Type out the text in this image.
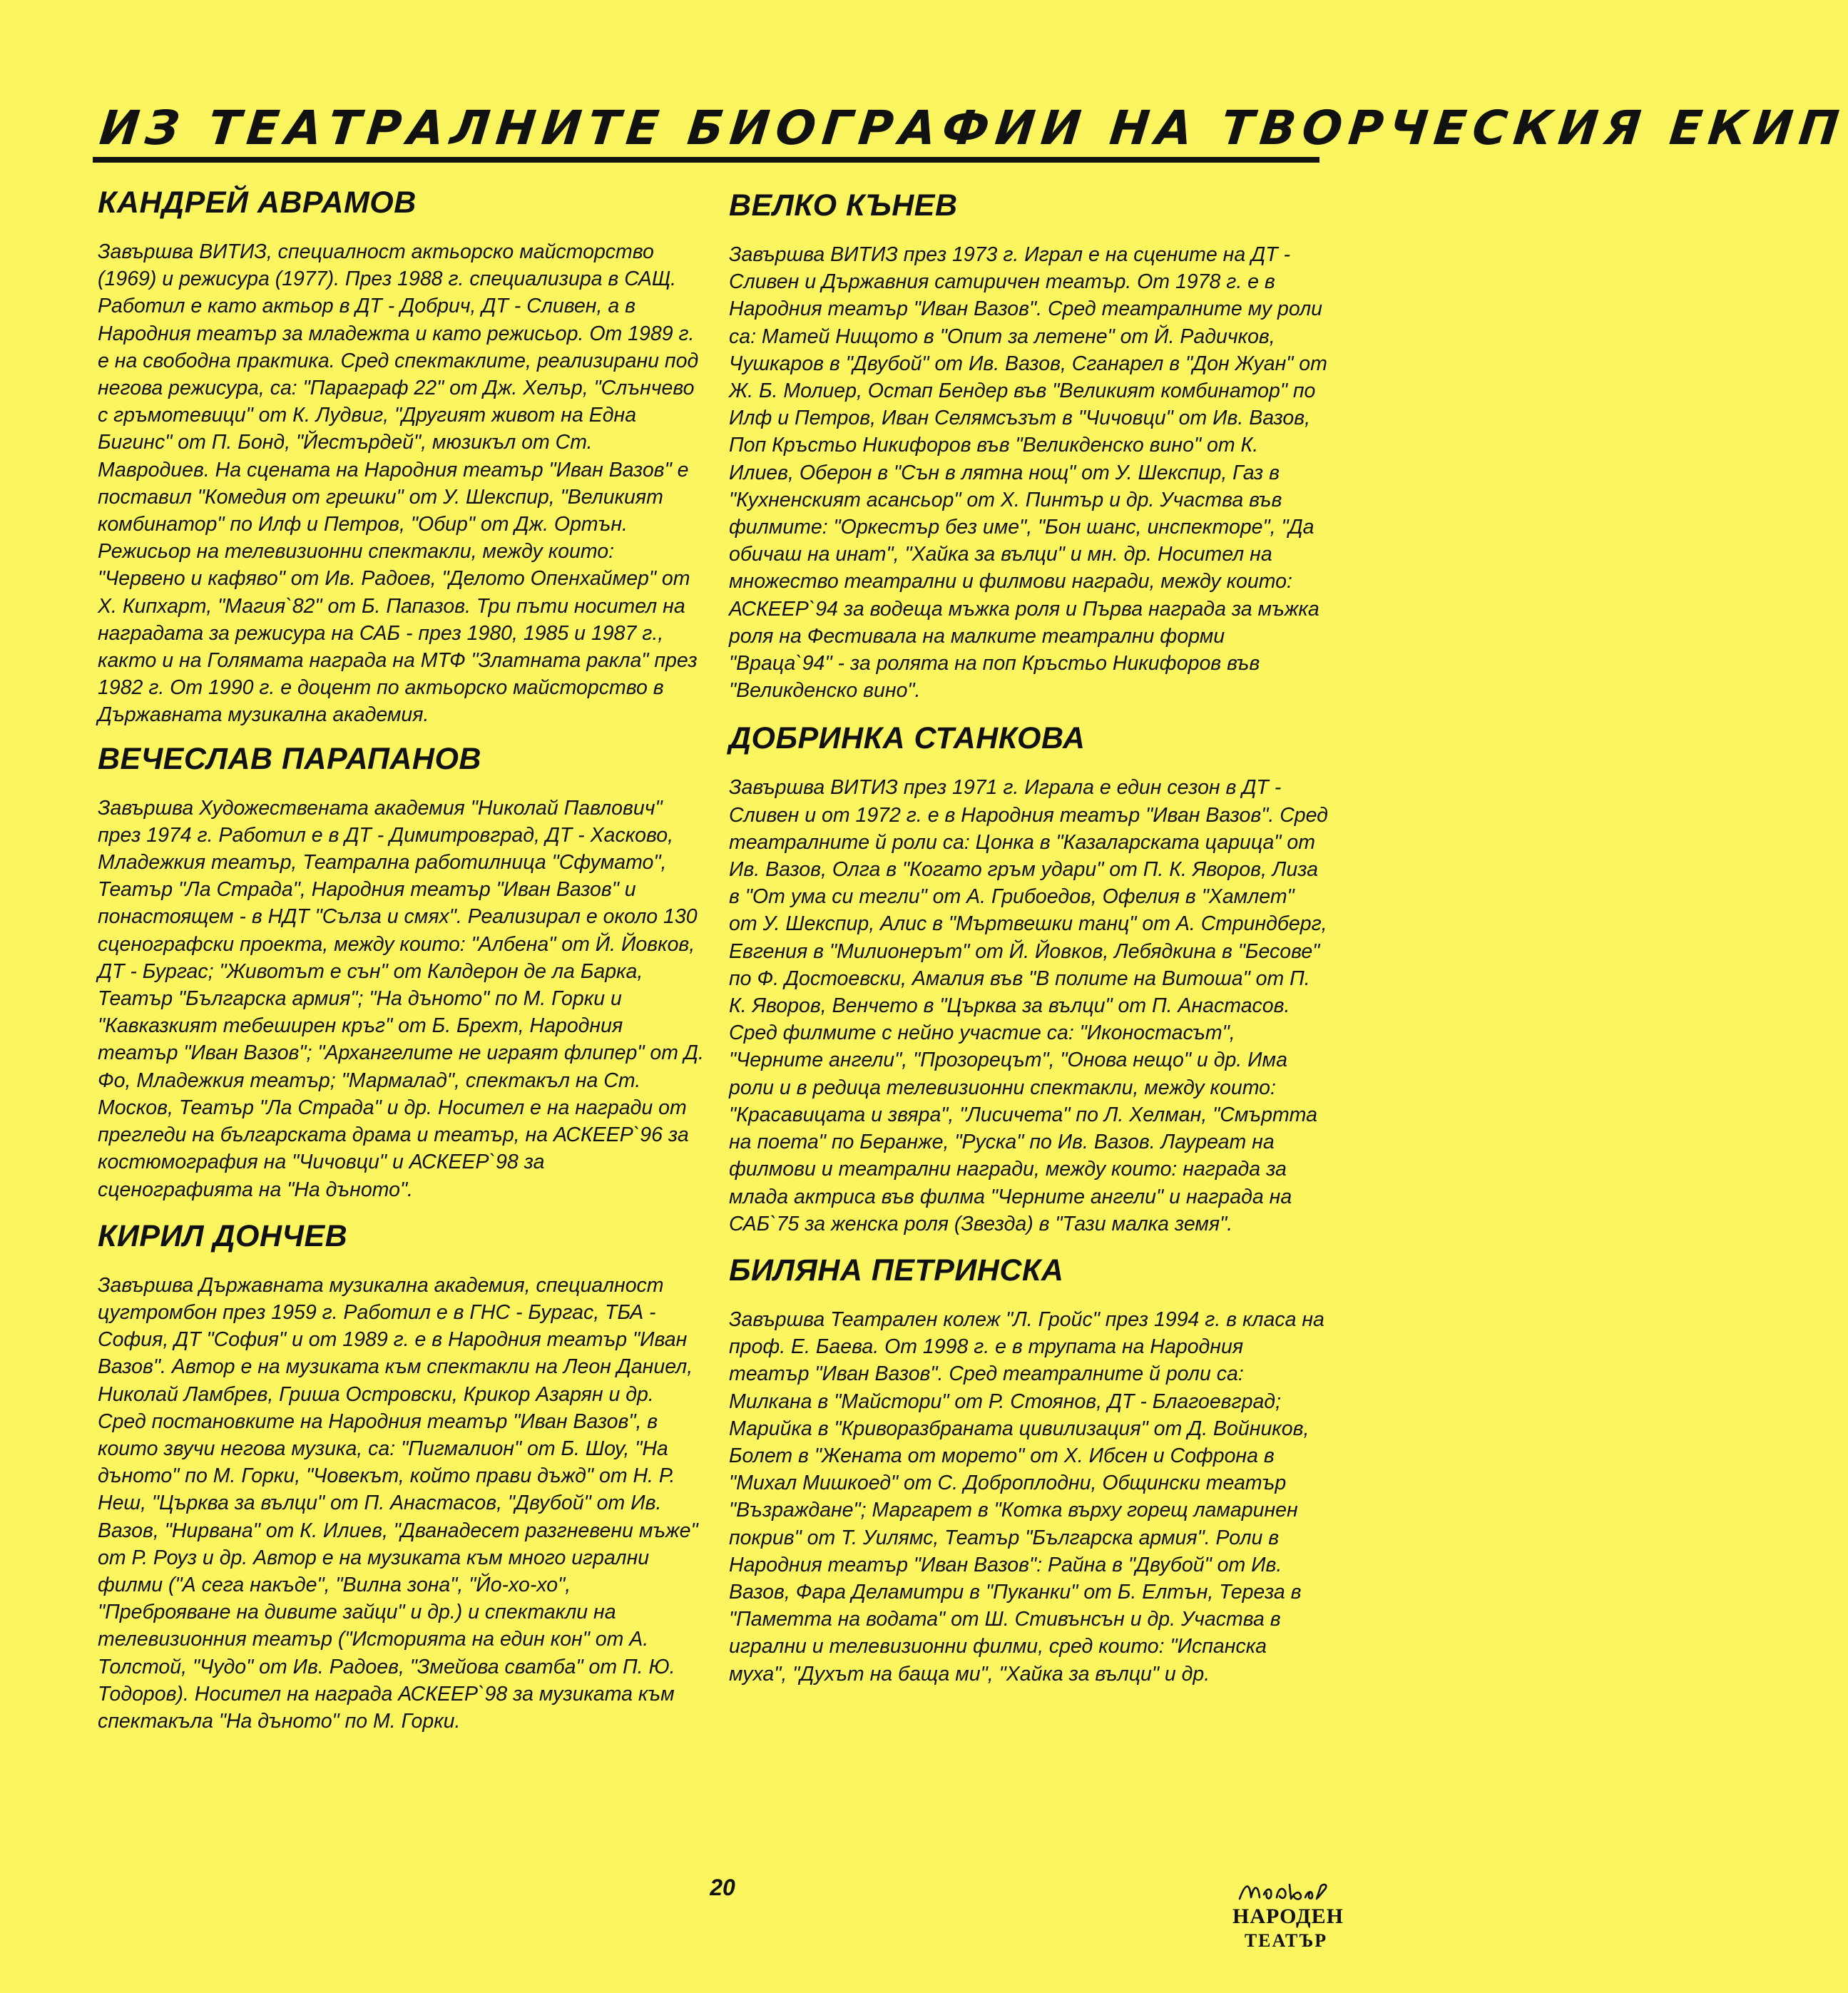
ИЗ ТЕАТРАЛНИТЕ БИОГРАФИИ НА ТВОРЧЕСКИЯ ЕКИП
КАНДРЕЙ АВРАМОВ

Завършва ВИТИЗ, специалност актьорско майсторство (1969) и режисура (1977). През 1988 г. специализира в САЩ. Работил е като актьор в ДТ - Добрич, ДТ - Сливен, а в Народния театър за младежта и като режисьор. От 1989 г. е на свободна практика. Сред спектаклите, реализирани под негова режисура, са: "Параграф 22" от Дж. Хелър, "Слънчево с гръмотевици" от К. Лудвиг, "Другият живот на Една Бигинс" от П. Бонд, "Йестърдей", мюзикъл от Ст. Мавродиев. На сцената на Народния театър "Иван Вазов" е поставил "Комедия от грешки" от У. Шекспир, "Великият комбинатор" по Илф и Петров, "Обир" от Дж. Ортън. Режисьор на телевизионни спектакли, между които: "Червено и кафяво" от Ив. Радоев, "Делото Опенхаймер" от Х. Кипхарт, "Магия`82" от Б. Папазов. Три пъти носител на наградата за режисура на САБ - през 1980, 1985 и 1987 г., както и на Голямата награда на МТФ "Златната ракла" през 1982 г. От 1990 г. е доцент по актьорско майсторство в Държавната музикална академия.

ВЕЧЕСЛАВ ПАРАПАНОВ

Завършва Художествената академия "Николай Павлович" през 1974 г. Работил е в ДТ - Димитровград, ДТ - Хасково, Младежкия театър, Театрална работилница "Сфумато", Театър "Ла Страда", Народния театър "Иван Вазов" и понастоящем - в НДТ "Сълза и смях". Реализирал е около 130 сценографски проекта, между които: "Албена" от Й. Йовков, ДТ - Бургас; "Животът е сън" от Калдерон де ла Барка, Театър "Българска армия"; "На дъното" по М. Горки и "Кавказкият тебеширен кръг" от Б. Брехт, Народния театър "Иван Вазов"; "Архангелите не играят флипер" от Д. Фо, Младежкия театър; "Мармалад", спектакъл на Ст. Москов, Театър "Ла Страда" и др. Носител е на награди от прегледи на българската драма и театър, на АСКЕЕР`96 за костюмография на "Чичовци" и АСКЕЕР`98 за сценографията на "На дъното".

КИРИЛ ДОНЧЕВ

Завършва Държавната музикална академия, специалност цугтромбон през 1959 г. Работил е в ГНС - Бургас, ТБА - София, ДТ "София" и от 1989 г. е в Народния театър "Иван Вазов". Автор е на музиката към спектакли на Леон Даниел, Николай Ламбрев, Гриша Островски, Крикор Азарян и др. Сред постановките на Народния театър "Иван Вазов", в които звучи негова музика, са: "Пигмалион" от Б. Шоу, "На дъното" по М. Горки, "Човекът, който прави дъжд" от Н. Р. Неш, "Църква за вълци" от П. Анастасов, "Двубой" от Ив. Вазов, "Нирвана" от К. Илиев, "Дванадесет разгневени мъже" от Р. Роуз и др. Автор е на музиката към много игрални филми ("А сега накъде", "Вилна зона", "Йо-хо-хо", "Преброяване на дивите зайци" и др.) и спектакли на телевизионния театър ("Историята на един кон" от А. Толстой, "Чудо" от Ив. Радоев, "Змейова сватба" от П. Ю. Тодоров). Носител на награда АСКЕЕР`98 за музиката към спектакъла "На дъното" по М. Горки.

ВЕЛКО КЪНЕВ

Завършва ВИТИЗ през 1973 г. Играл е на сцените на ДТ - Сливен и Държавния сатиричен театър. От 1978 г. е в Народния театър "Иван Вазов". Сред театралните му роли са: Матей Нищото в "Опит за летене" от Й. Радичков, Чушкаров в "Двубой" от Ив. Вазов, Сганарел в "Дон Жуан" от Ж. Б. Молиер, Остап Бендер във "Великият комбинатор" по Илф и Петров, Иван Селямсъзът в "Чичовци" от Ив. Вазов, Поп Кръстьо Никифоров във "Великденско вино" от К. Илиев, Оберон в "Сън в лятна нощ" от У. Шекспир, Газ в "Кухненският асансьор" от Х. Пинтър и др. Участва във филмите: "Оркестър без име", "Бон шанс, инспекторе", "Да обичаш на инат", "Хайка за вълци" и мн. др. Носител на множество театрални и филмови награди, между които: АСКЕЕР`94 за водеща мъжка роля и Първа награда за мъжка роля на Фестивала на малките театрални форми "Враца`94" - за ролята на поп Кръстьо Никифоров във "Великденско вино".

ДОБРИНКА СТАНКОВА

Завършва ВИТИЗ през 1971 г. Играла е един сезон в ДТ - Сливен и от 1972 г. е в Народния театър "Иван Вазов". Сред театралните й роли са: Цонка в "Казаларската царица" от Ив. Вазов, Олга в "Когато гръм удари" от П. К. Яворов, Лиза в "От ума си тегли" от А. Грибоедов, Офелия в "Хамлет" от У. Шекспир, Алис в "Мъртвешки танц" от А. Стриндберг, Евгения в "Милионерът" от Й. Йовков, Лебядкина в "Бесове" по Ф. Достоевски, Амалия във "В полите на Витоша" от П. К. Яворов, Венчето в "Църква за вълци" от П. Анастасов. Сред филмите с нейно участие са: "Иконостасът", "Черните ангели", "Прозорецът", "Онова нещо" и др. Има роли и в редица телевизионни спектакли, между които: "Красавицата и звяра", "Лисичета" по Л. Хелман, "Смъртта на поета" по Беранже, "Руска" по Ив. Вазов. Лауреат на филмови и театрални награди, между които: награда за млада актриса във филма "Черните ангели" и награда на САБ`75 за женска роля (Звезда) в "Тази малка земя".

БИЛЯНА ПЕТРИНСКА

Завършва Театрален колеж "Л. Гройс" през 1994 г. в класа на проф. Е. Баева. От 1998 г. е в трупата на Народния театър "Иван Вазов". Сред театралните й роли са: Милкана в "Майстори" от Р. Стоянов, ДТ - Благоевград; Марийка в "Криворазбраната цивилизация" от Д. Войников, Болет в "Жената от морето" от Х. Ибсен и Софрона в "Михал Мишкоед" от С. Доброплодни, Общински театър "Възраждане"; Маргарет в "Котка върху горещ ламаринен покрив" от Т. Уилямс, Театър "Българска армия". Роли в Народния театър "Иван Вазов": Райна в "Двубой" от Ив. Вазов, Фара Деламитри в "Пуканки" от Б. Елтън, Тереза в "Паметта на водата" от Ш. Стивънсън и др. Участва в игрални и телевизионни филми, сред които: "Испанска муха", "Духът на баща ми", "Хайка за вълци" и др.

20
НАРОДЕН
ТЕАТЪР
